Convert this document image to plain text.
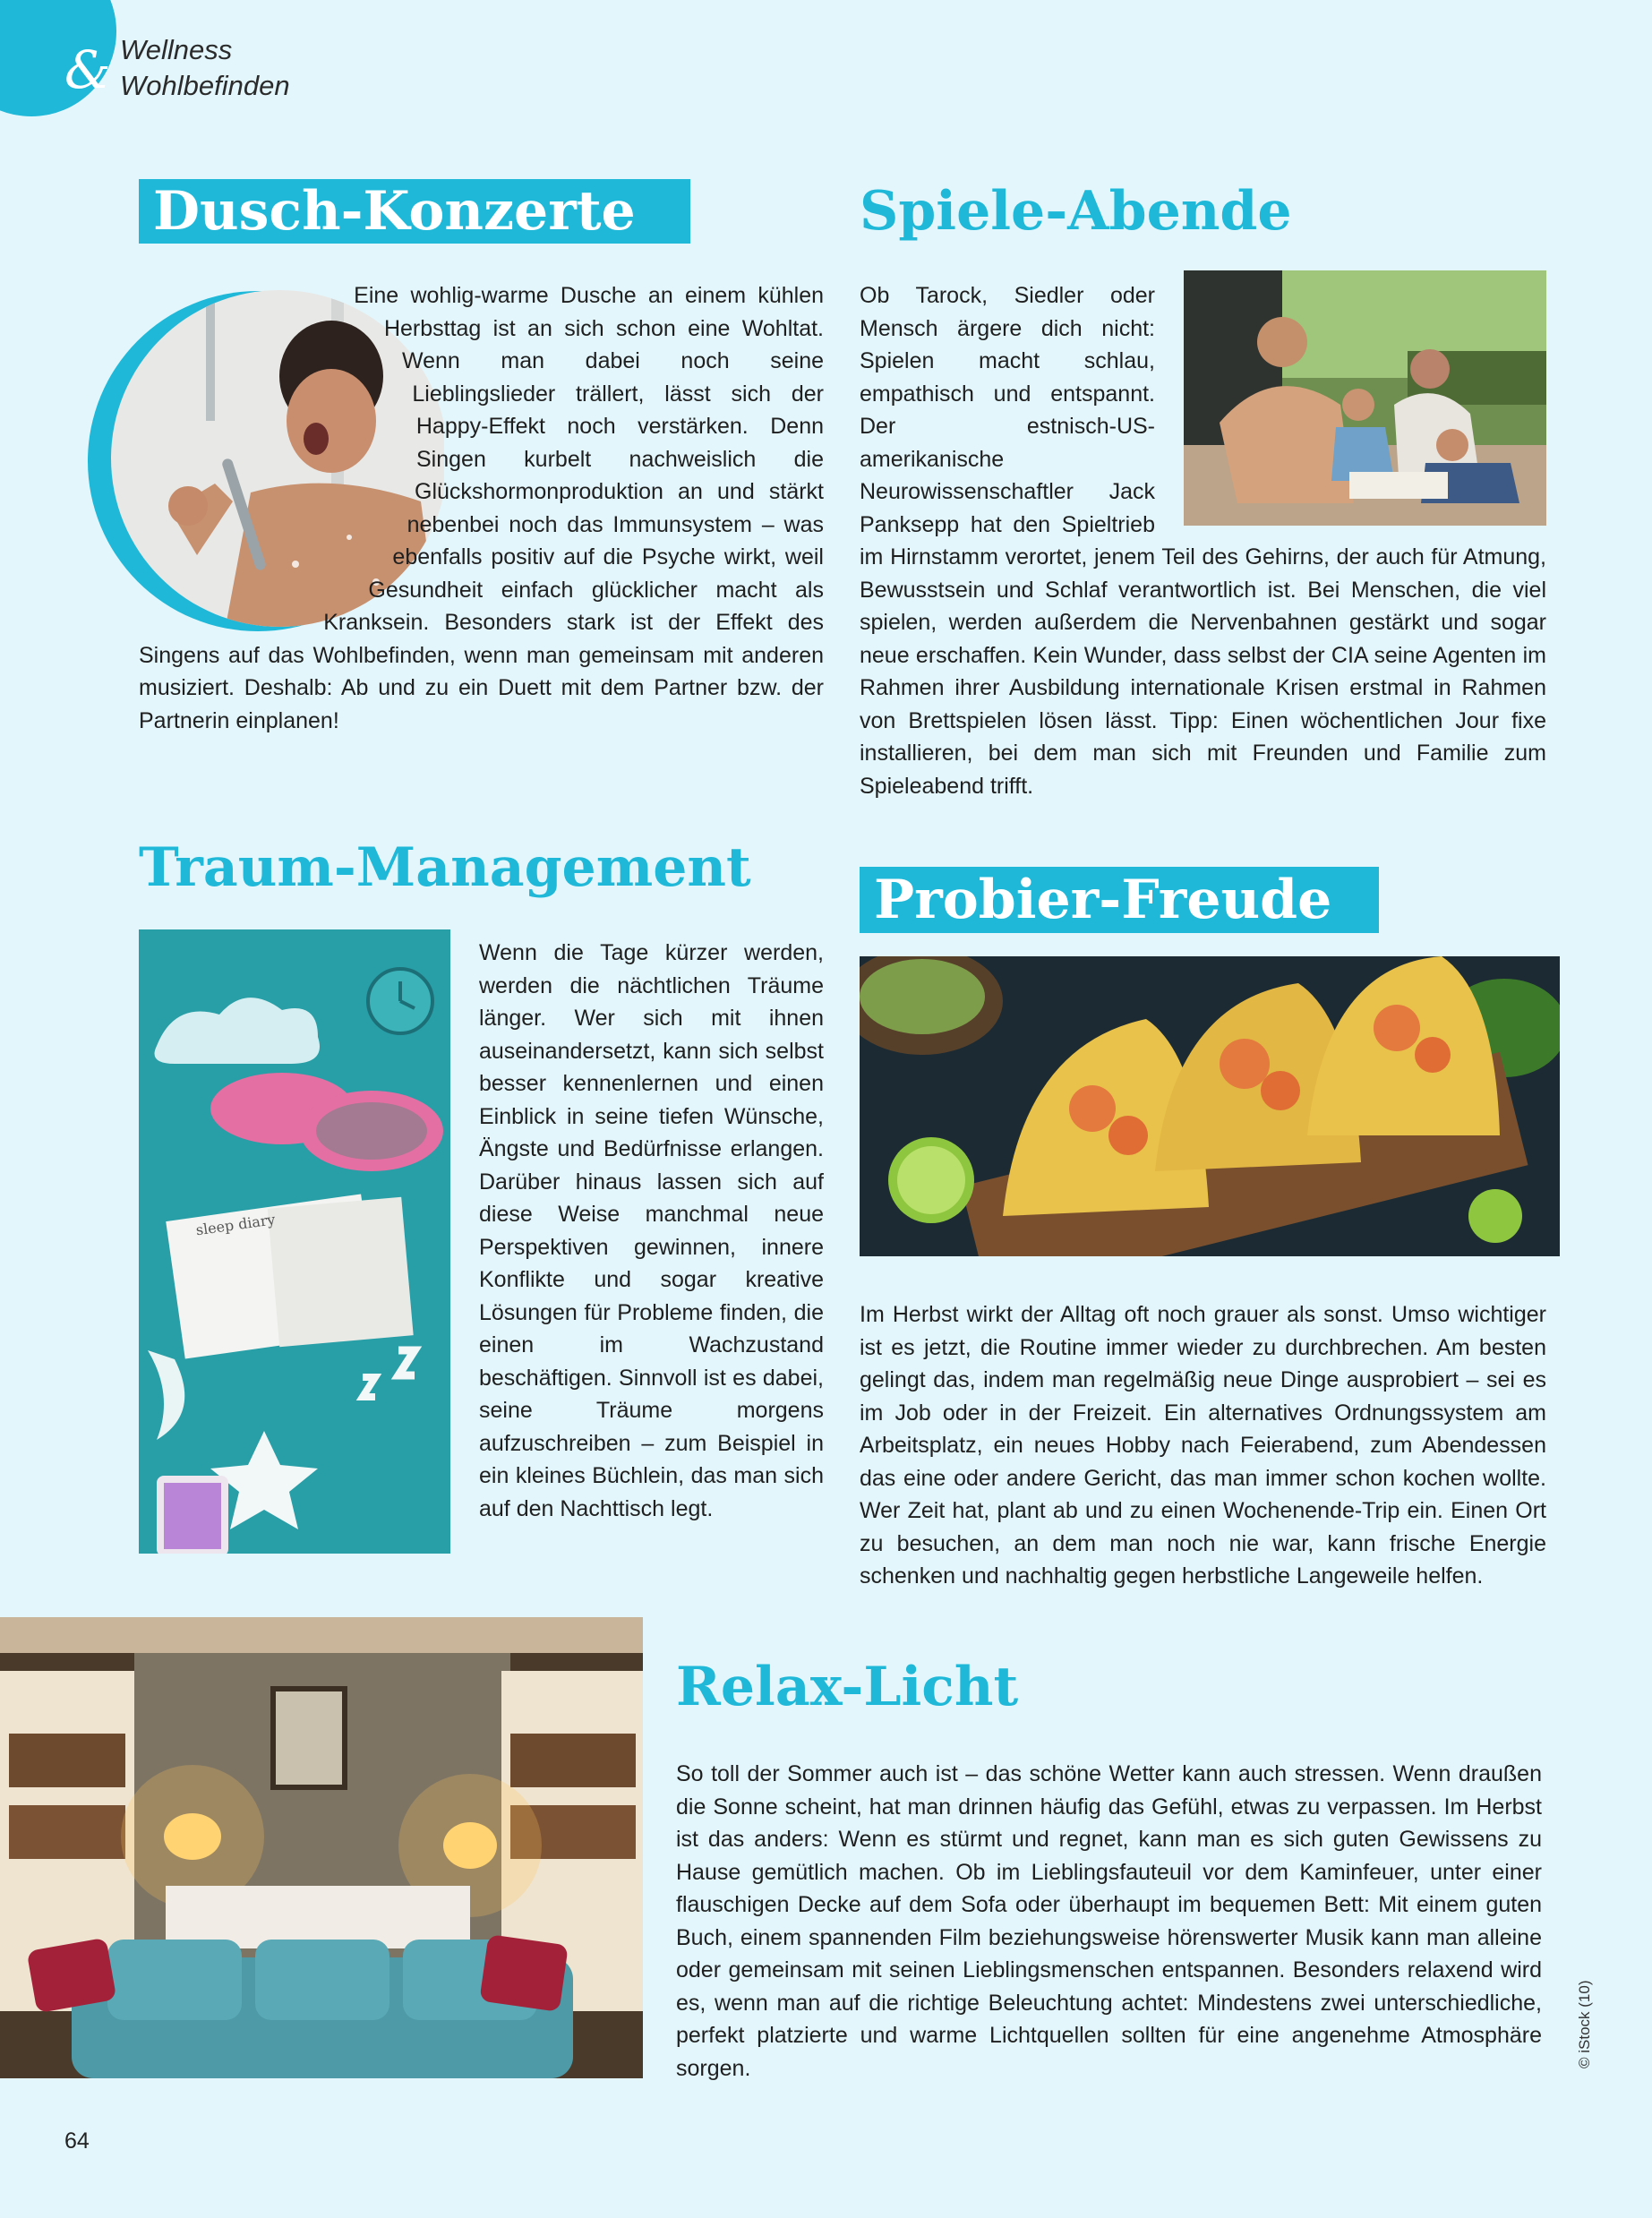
& Wellness
Wohlbefinden
Dusch-Konzerte

Eine wohlig-warme Dusche an einem kühlen Herbsttag ist an sich schon eine Wohltat. Wenn man dabei noch seine Lieblingslieder trällert, lässt sich der Happy-Effekt noch verstärken. Denn Singen kurbelt nachweislich die Glückshormonproduktion an und stärkt nebenbei noch das Immunsystem – was ebenfalls positiv auf die Psyche wirkt, weil Gesundheit einfach glücklicher macht als Kranksein. Besonders stark ist der Effekt des Singens auf das Wohlbefinden, wenn man gemeinsam mit anderen musiziert. Deshalb: Ab und zu ein Duett mit dem Partner bzw. der Partnerin einplanen!

Spiele-Abende

Ob Tarock, Siedler oder Mensch ärgere dich nicht: Spielen macht schlau, empathisch und entspannt. Der estnisch-US-amerikanische Neurowissenschaftler Jack Panksepp hat den Spieltrieb im Hirnstamm verortet, jenem Teil des Gehirns, der auch für Atmung, Bewusstsein und Schlaf verantwortlich ist. Bei Menschen, die viel spielen, werden außerdem die Nervenbahnen gestärkt und sogar neue erschaffen. Kein Wunder, dass selbst der CIA seine Agenten im Rahmen ihrer Ausbildung internationale Krisen erstmal in Rahmen von Brettspielen lösen lässt. Tipp: Einen wöchentlichen Jour fixe installieren, bei dem man sich mit Freunden und Familie zum Spieleabend trifft.

Traum-Management
sleep diary

Wenn die Tage kürzer werden, werden die nächtlichen Träume länger. Wer sich mit ihnen auseinandersetzt, kann sich selbst besser kennenlernen und einen Einblick in seine tiefen Wünsche, Ängste und Bedürfnisse erlangen. Darüber hinaus lassen sich auf diese Weise manchmal neue Perspektiven gewinnen, innere Konflikte und sogar kreative Lösungen für Probleme finden, die einen im Wachzustand beschäftigen. Sinnvoll ist es dabei, seine Träume morgens aufzuschreiben – zum Beispiel in ein kleines Büchlein, das man sich auf den Nachttisch legt.

Probier-Freude

Im Herbst wirkt der Alltag oft noch grauer als sonst. Umso wichtiger ist es jetzt, die Routine immer wieder zu durchbrechen. Am besten gelingt das, indem man regelmäßig neue Dinge ausprobiert – sei es im Job oder in der Freizeit. Ein alternatives Ordnungssystem am Arbeitsplatz, ein neues Hobby nach Feierabend, zum Abendessen das eine oder andere Gericht, das man immer schon kochen wollte. Wer Zeit hat, plant ab und zu einen Wochenende-Trip ein. Einen Ort zu besuchen, an dem man noch nie war, kann frische Energie schenken und nachhaltig gegen herbstliche Langeweile helfen.

Relax-Licht

So toll der Sommer auch ist – das schöne Wetter kann auch stressen. Wenn draußen die Sonne scheint, hat man drinnen häufig das Gefühl, etwas zu verpassen. Im Herbst ist das anders: Wenn es stürmt und regnet, kann man es sich guten Gewissens zu Hause gemütlich machen. Ob im Lieblingsfauteuil vor dem Kaminfeuer, unter einer flauschigen Decke auf dem Sofa oder überhaupt im bequemen Bett: Mit einem guten Buch, einem spannenden Film beziehungsweise hörenswerter Musik kann man alleine oder gemeinsam mit seinen Lieblingsmenschen entspannen. Besonders relaxend wird es, wenn man auf die richtige Beleuchtung achtet: Mindestens zwei unterschiedliche, perfekt platzierte und warme Lichtquellen sollten für eine angenehme Atmosphäre sorgen.	© iStock (10)
64
